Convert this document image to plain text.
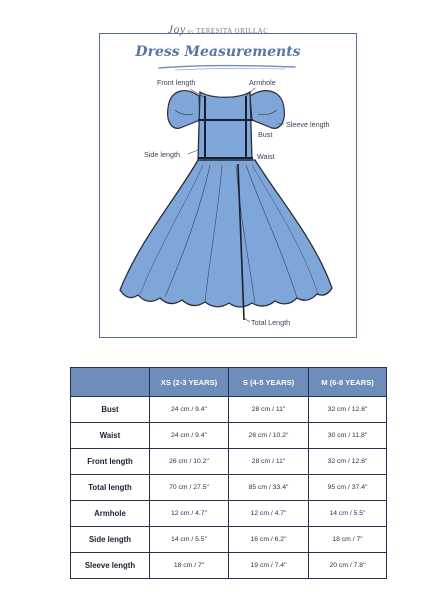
Joy by TERESITA ORILLAC
Dress Measurements
Front length	Armhole
Sleeve length
Bust
Side length	Waist
Total Length
	XS (2-3 YEARS)	S (4-5 YEARS)	M (6-8 YEARS)
Bust	24 cm / 9.4"	28 cm / 11"	32 cm / 12.6"
Waist	24 cm / 9.4"	26 cm / 10.2"	30 cm / 11.8"
Front length	26 cm / 10.2"	28 cm / 11"	32 cm / 12.6"
Total length	70 cm / 27.5"	85 cm / 33.4"	95 cm / 37.4"
Armhole	12 cm / 4.7"	12 cm / 4.7"	14 cm / 5.5"
Side length	14 cm / 5.5"	16 cm / 6.2"	18 cm / 7"
Sleeve length	18 cm / 7"	19 cm / 7.4"	20 cm / 7.8"
